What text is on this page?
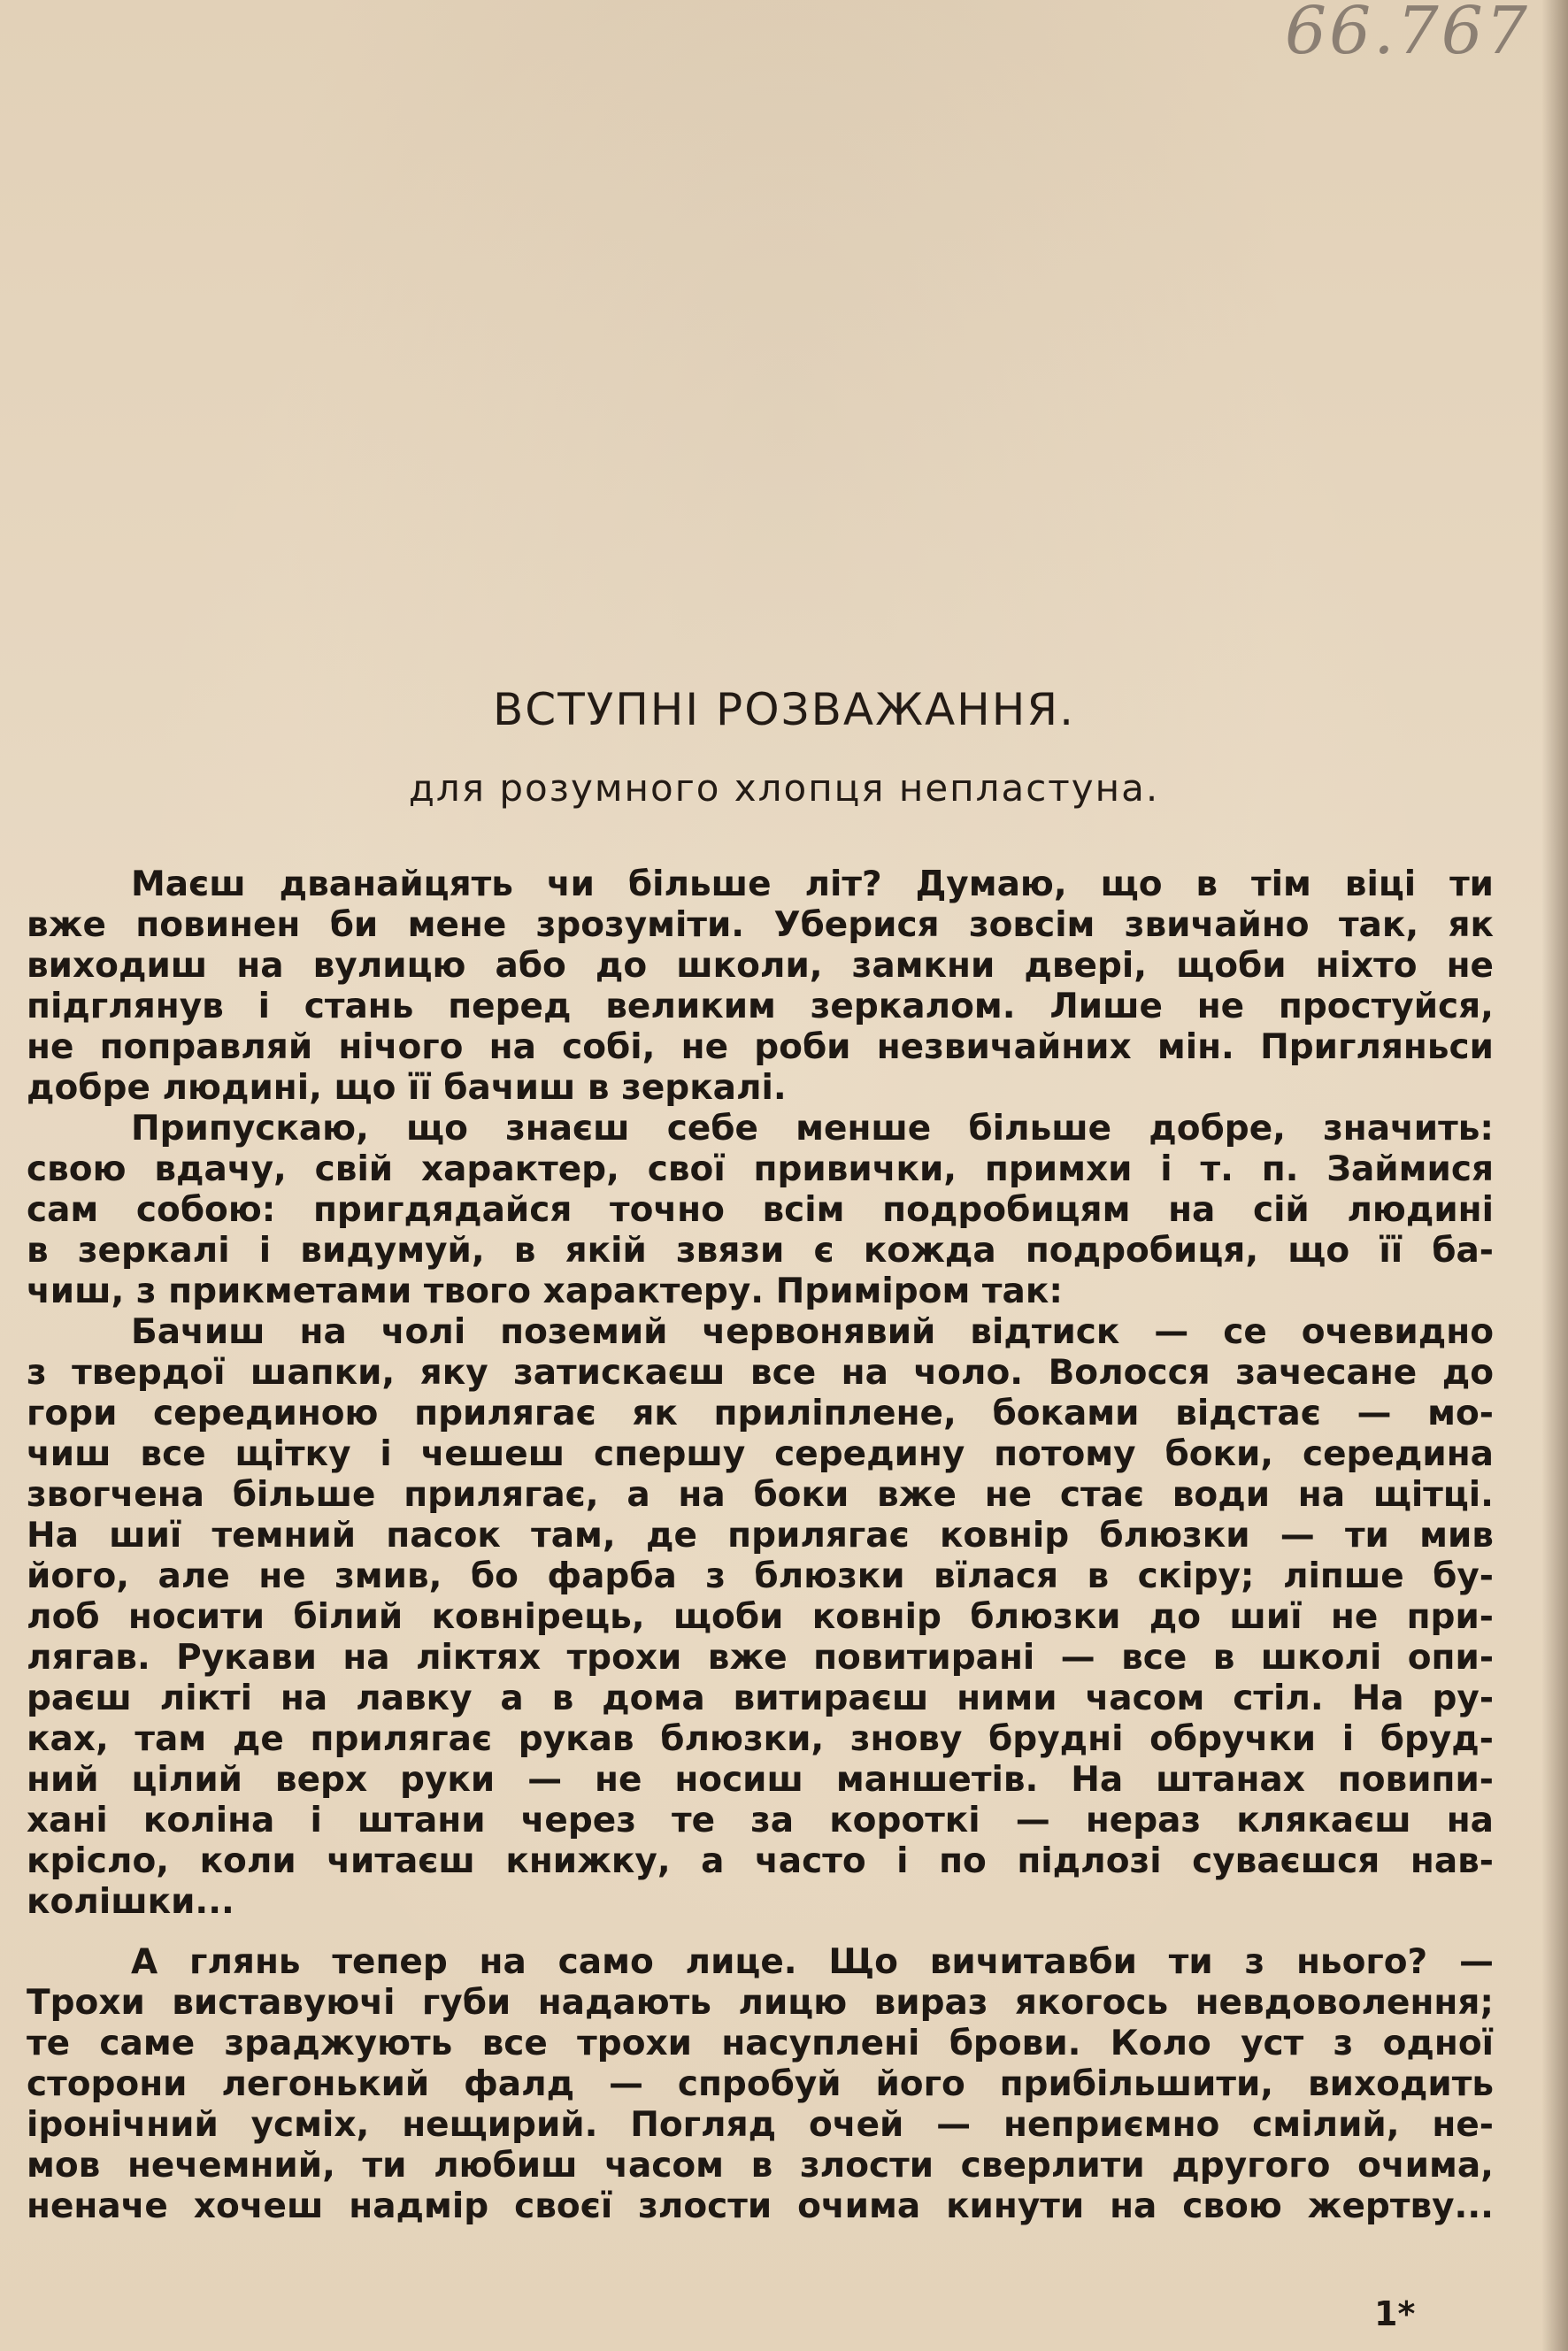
66.767
ВСТУПНІ РОЗВАЖАННЯ.
для розумного хлопця непластуна.
Маєш дванайцять чи більше літ? Думаю, що в тім віці ти
вже повинен би мене зрозуміти. Уберися зовсім звичайно так, як
виходиш на вулицю або до школи, замкни двері, щоби ніхто не
підглянув і стань перед великим зеркалом. Лише не простуйся,
не поправляй нічого на собі, не роби незвичайних мін. Пригляньси
добре людині, що її бачиш в зеркалі.
Припускаю, що знаєш себе менше більше добре, значить:
свою вдачу, свій характер, свої привички, примхи і т. п. Займися
сам собою: пригдядайся точно всім подробицям на сій людині
в зеркалі і видумуй, в якій звязи є кожда подробиця, що її ба-
чиш, з прикметами твого характеру. Приміром так:
Бачиш на чолі поземий червонявий відтиск — се очевидно
з твердої шапки, яку затискаєш все на чоло. Волосся зачесане до
гори серединою прилягає як приліплене, боками відстає — мо-
чиш все щітку і чешеш спершу середину потому боки, середина
звогчена більше прилягає, а на боки вже не стає води на щітці.
На шиї темний пасок там, де прилягає ковнір блюзки — ти мив
його, але не змив, бо фарба з блюзки вїлася в скіру; ліпше бу-
лоб носити білий ковнірець, щоби ковнір блюзки до шиї не при-
лягав. Рукави на ліктях трохи вже повитирані — все в школі опи-
раєш лікті на лавку а в дома витираєш ними часом стіл. На ру-
ках, там де прилягає рукав блюзки, знову брудні обручки і бруд-
ний цілий верх руки — не носиш маншетів. На штанах повипи-
хані коліна і штани через те за короткі — нераз клякаєш на
крісло, коли читаєш книжку, а часто і по підлозі суваєшся нав-
колішки...
А глянь тепер на само лице. Що вичитавби ти з нього? —
Трохи виставуючі губи надають лицю вираз якогось невдоволення;
те саме зраджують все трохи насуплені брови. Коло уст з одної
сторони легонький фалд — спробуй його прибільшити, виходить
іронічний усміх, нещирий. Погляд очей — неприємно смілий, не-
мов нечемний, ти любиш часом в злости сверлити другого очима,
неначе хочеш надмір своєї злости очима кинути на свою жертву...
1*
